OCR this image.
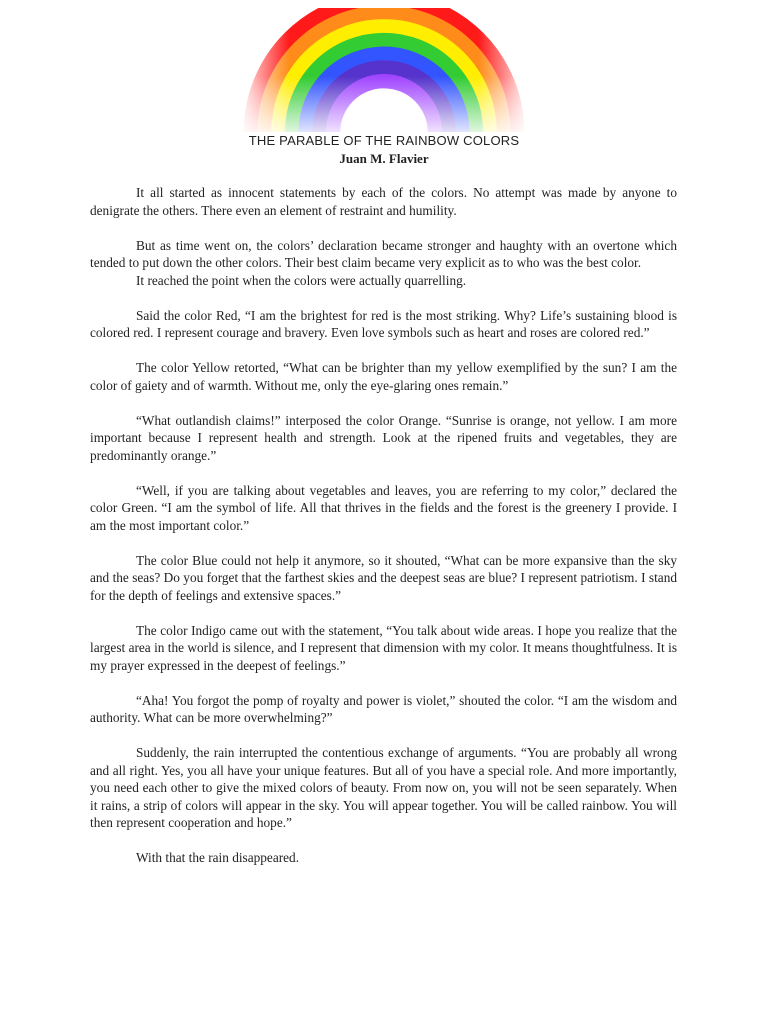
THE PARABLE OF THE RAINBOW COLORS
Juan M. Flavier

It all started as innocent statements by each of the colors. No attempt was made by anyone to denigrate the others. There even an element of restraint and humility.

But as time went on, the colors’ declaration became stronger and haughty with an overtone which tended to put down the other colors. Their best claim became very explicit as to who was the best color.

It reached the point when the colors were actually quarrelling.

Said the color Red, “I am the brightest for red is the most striking. Why? Life’s sustaining blood is colored red. I represent courage and bravery. Even love symbols such as heart and roses are colored red.”

The color Yellow retorted, “What can be brighter than my yellow exemplified by the sun? I am the color of gaiety and of warmth. Without me, only the eye-glaring ones remain.”

“What outlandish claims!” interposed the color Orange. “Sunrise is orange, not yellow. I am more important because I represent health and strength. Look at the ripened fruits and vegetables, they are predominantly orange.”

“Well, if you are talking about vegetables and leaves, you are referring to my color,” declared the color Green. “I am the symbol of life. All that thrives in the fields and the forest is the greenery I provide. I am the most important color.”

The color Blue could not help it anymore, so it shouted, “What can be more expansive than the sky and the seas? Do you forget that the farthest skies and the deepest seas are blue? I represent patriotism. I stand for the depth of feelings and extensive spaces.”

The color Indigo came out with the statement, “You talk about wide areas. I hope you realize that the largest area in the world is silence, and I represent that dimension with my color. It means thoughtfulness. It is my prayer expressed in the deepest of feelings.”

“Aha! You forgot the pomp of royalty and power is violet,” shouted the color. “I am the wisdom and authority. What can be more overwhelming?”

Suddenly, the rain interrupted the contentious exchange of arguments. “You are probably all wrong and all right. Yes, you all have your unique features. But all of you have a special role. And more importantly, you need each other to give the mixed colors of beauty. From now on, you will not be seen separately. When it rains, a strip of colors will appear in the sky. You will appear together. You will be called rainbow. You will then represent cooperation and hope.”

With that the rain disappeared.
